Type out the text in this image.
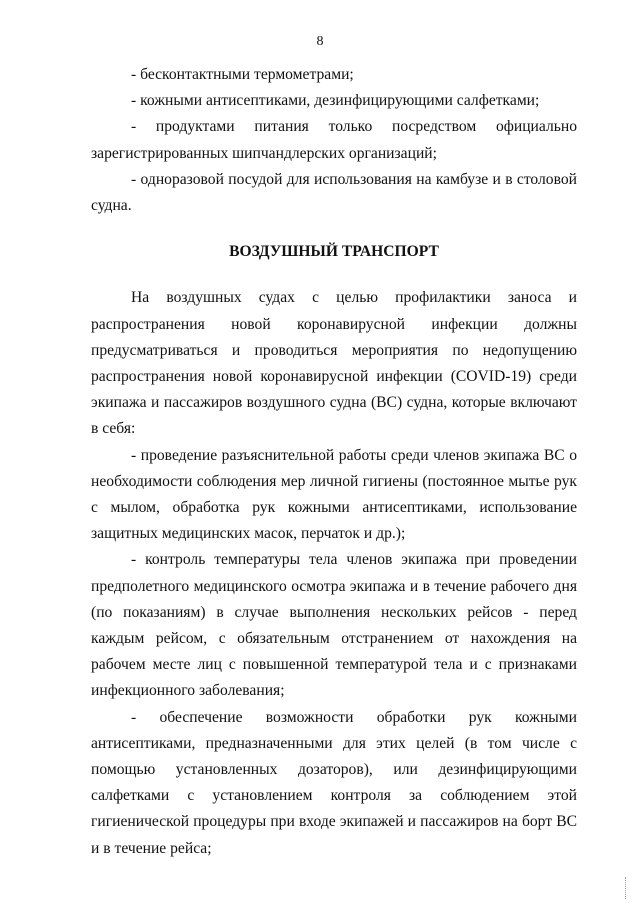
8

- бесконтактными термометрами;

- кожными антисептиками, дезинфицирующими салфетками;

- продуктами питания только посредством официально зарегистрированных шипчандлерских организаций;

- одноразовой посудой для использования на камбузе и в столовой судна.

ВОЗДУШНЫЙ ТРАНСПОРТ

На воздушных судах с целью профилактики заноса и распространения новой коронавирусной инфекции должны предусматриваться и проводиться мероприятия по недопущению распространения новой коронавирусной инфекции (COVID-19) среди экипажа и пассажиров воздушного судна (ВС) судна, которые включают в себя:

- проведение разъяснительной работы среди членов экипажа ВС о необходимости соблюдения мер личной гигиены (постоянное мытье рук с мылом, обработка рук кожными антисептиками, использование защитных медицинских масок, перчаток и др.);

- контроль температуры тела членов экипажа при проведении предполетного медицинского осмотра экипажа и в течение рабочего дня (по показаниям) в случае выполнения нескольких рейсов - перед каждым рейсом, с обязательным отстранением от нахождения на рабочем месте лиц с повышенной температурой тела и с признаками инфекционного заболевания;

- обеспечение возможности обработки рук кожными антисептиками, предназначенными для этих целей (в том числе с помощью установленных дозаторов), или дезинфицирующими салфетками с установлением контроля за соблюдением этой гигиенической процедуры при входе экипажей и пассажиров на борт ВС и в течение рейса;
